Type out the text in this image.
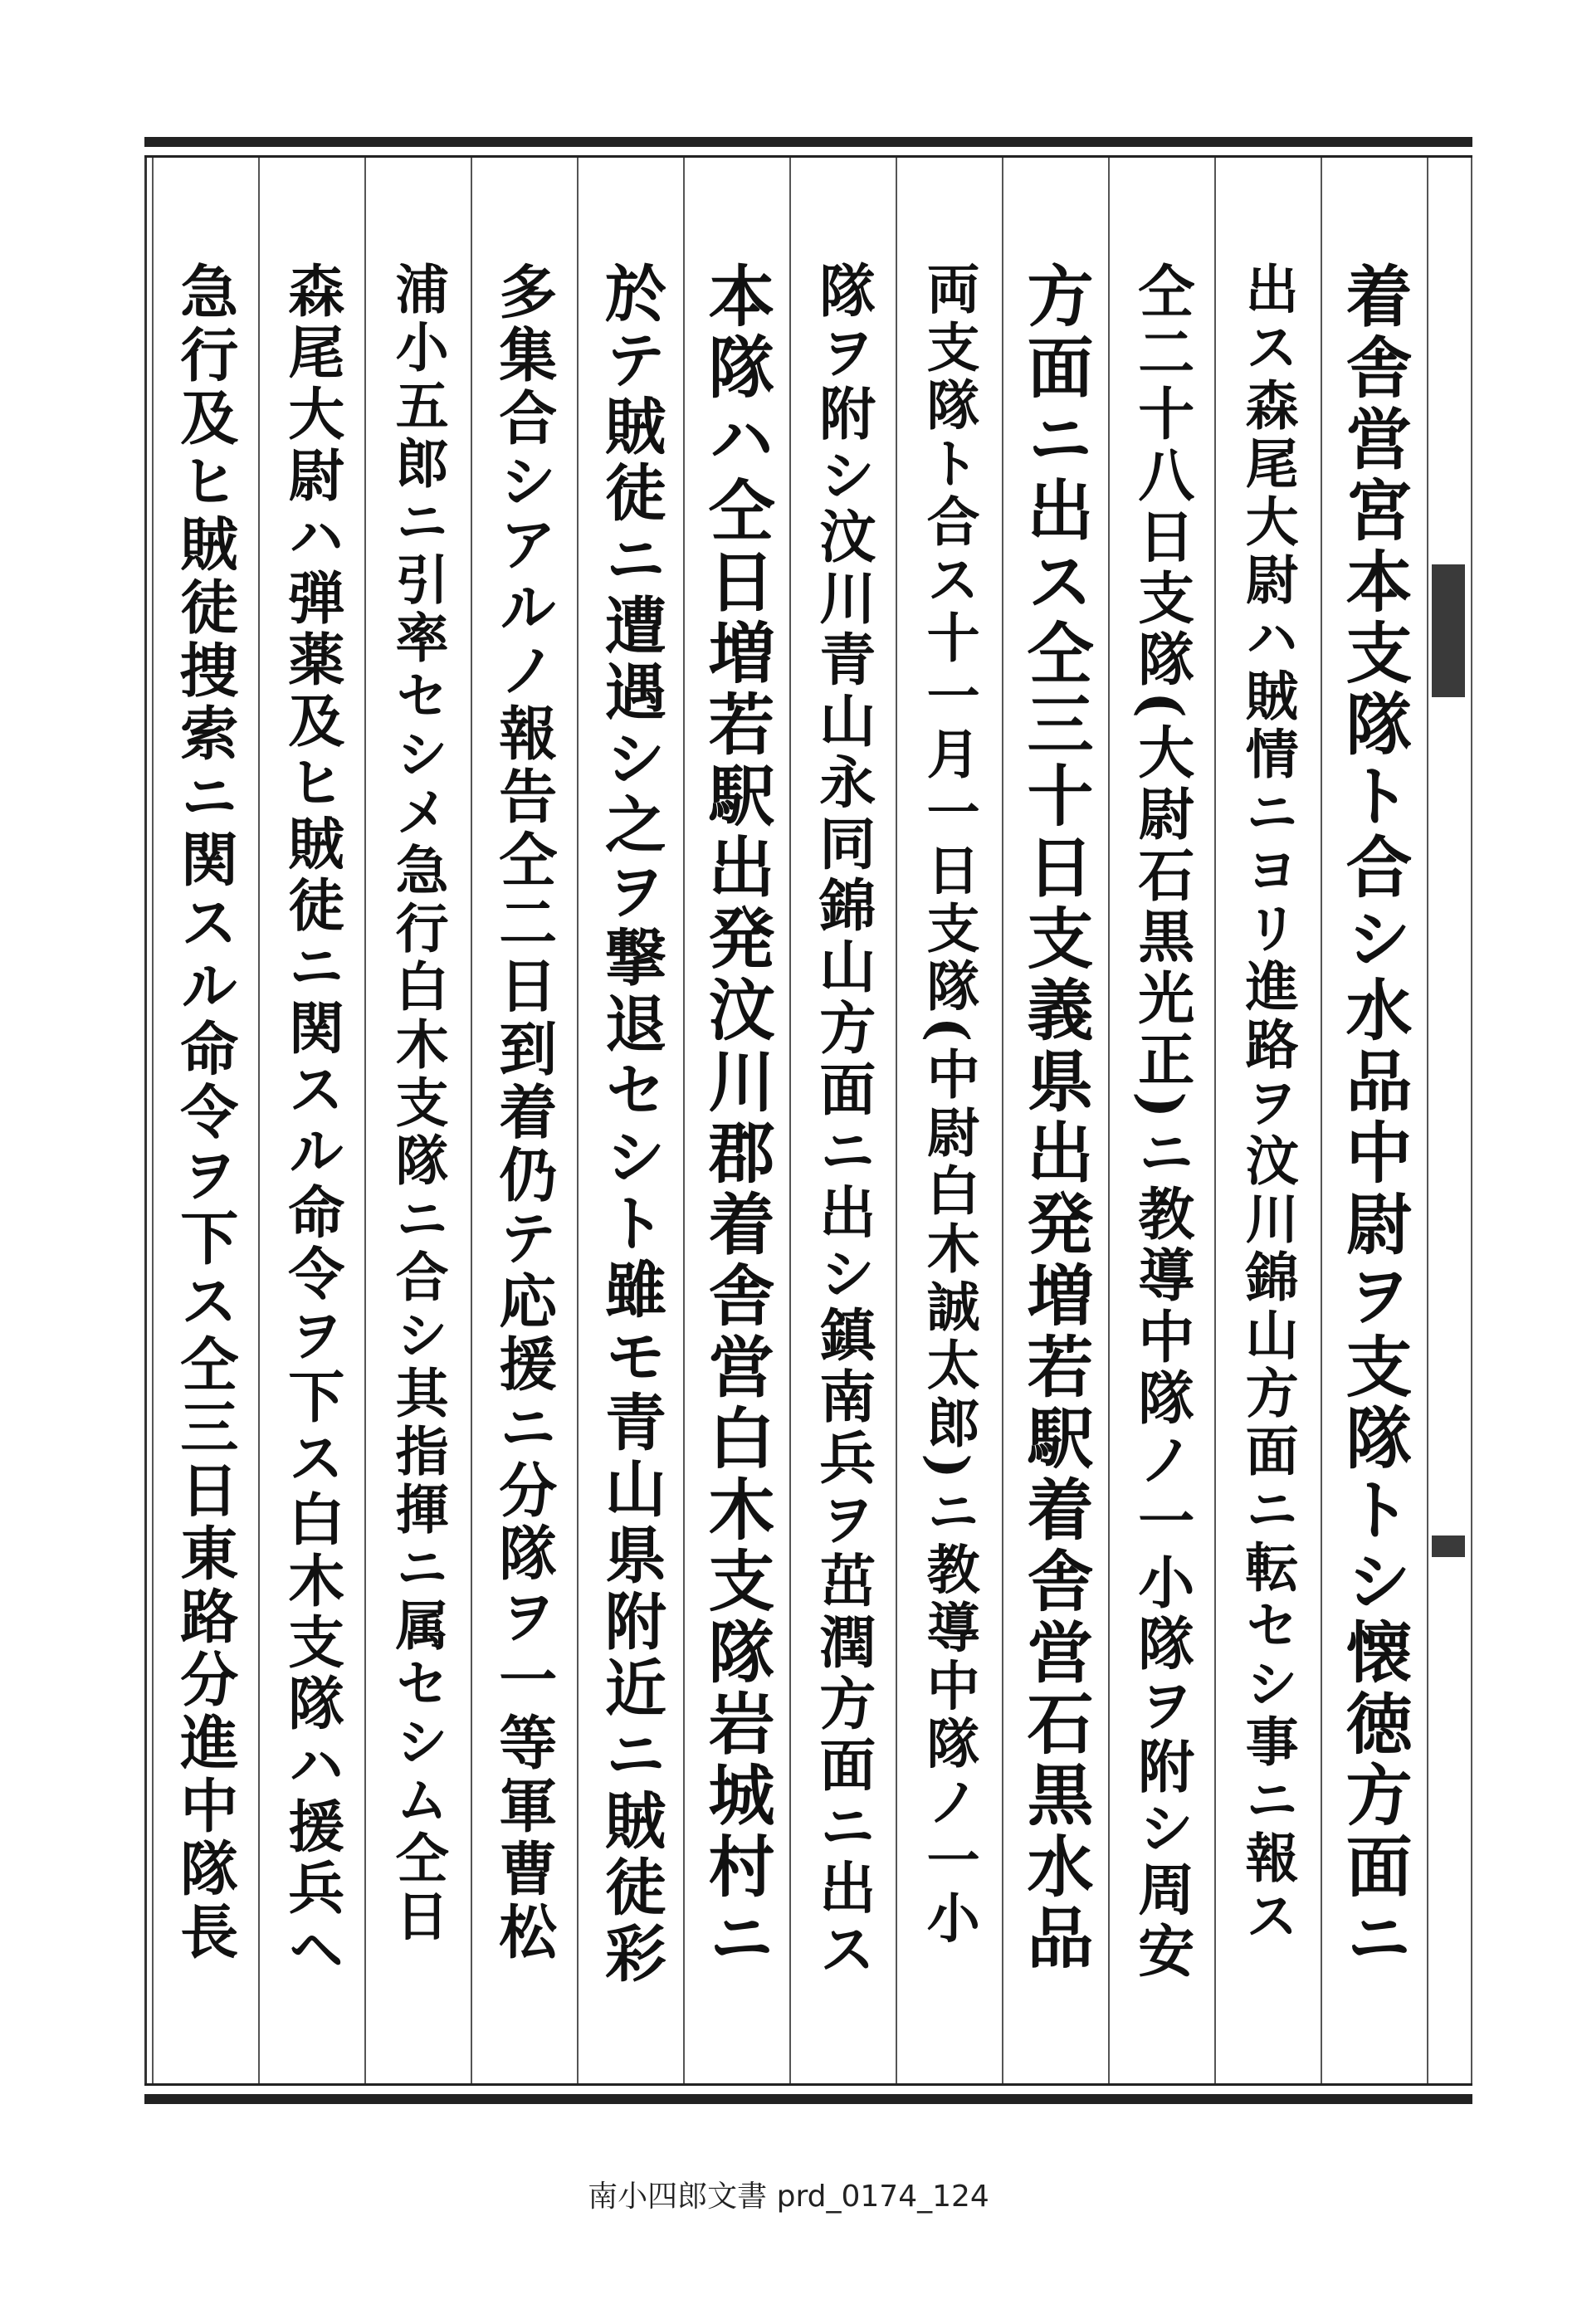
着舎営宮本支隊ト合シ水品中尉ヲ支隊トシ懐徳方面ニ
出ス森尾大尉ハ賊情ニヨリ進路ヲ汶川錦山方面ニ転セシ事ニ報ス
仝二十八日支隊(大尉石黒光正)ニ教導中隊ノ一小隊ヲ附シ周安
方面ニ出ス仝三十日支義県出発増若駅着舎営石黒水品
両支隊ト合ス十一月一日支隊(中尉白木誠太郎)ニ教導中隊ノ一小
隊ヲ附シ汶川青山永同錦山方面ニ出シ鎮南兵ヲ茁潤方面ニ出ス
本隊ハ仝日増若駅出発汶川郡着舎営白木支隊岩城村ニ
於テ賊徒ニ遭遇シ之ヲ撃退セシト雖モ青山県附近ニ賊徒彩
多集合シアルノ報告仝二日到着仍テ応援ニ分隊ヲ一等軍曹松
浦小五郎ニ引率セシメ急行白木支隊ニ合シ其指揮ニ属セシム仝日
森尾大尉ハ弾薬及ヒ賊徒ニ関スル命令ヲ下ス白木支隊ハ援兵ヘ
急行及ヒ賊徒捜索ニ関スル命令ヲ下ス仝三日東路分進中隊長
南小四郎文書 prd_0174_124
